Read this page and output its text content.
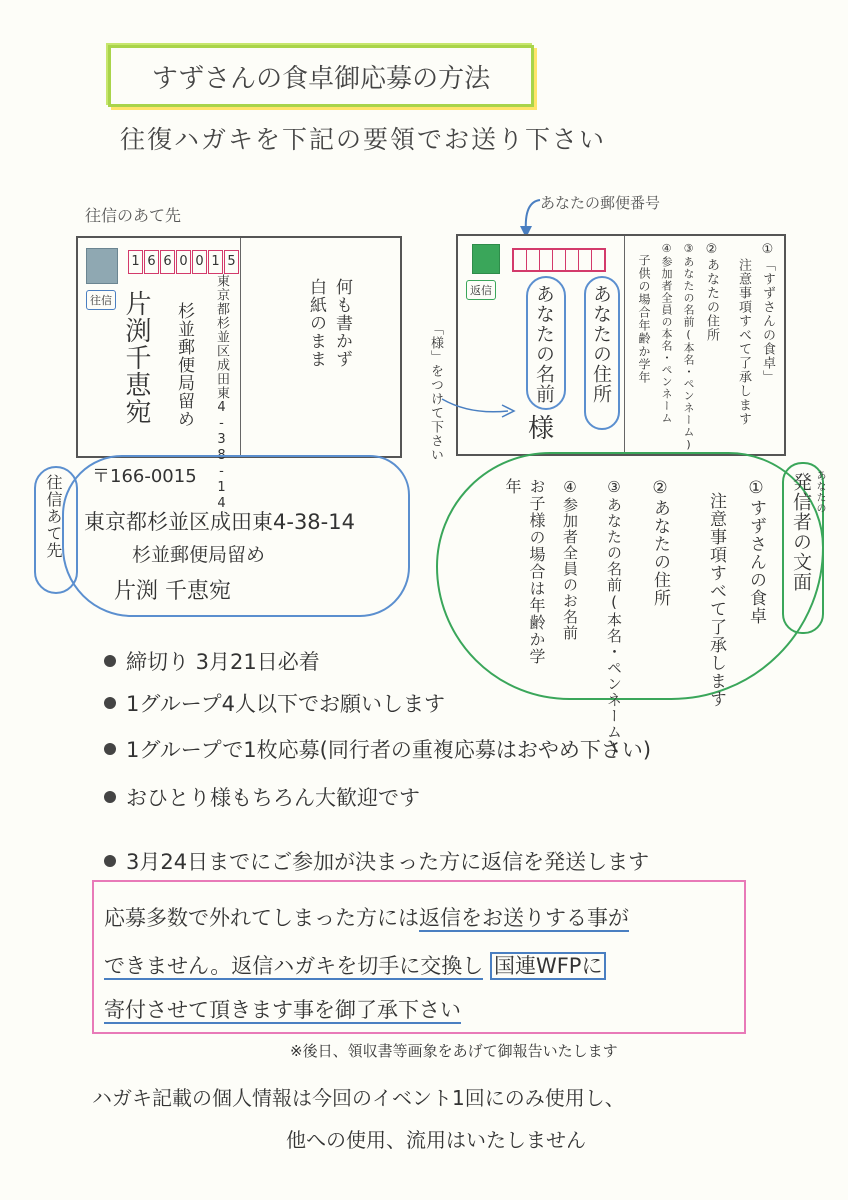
すずさんの食卓御応募の方法
往復ハガキを下記の要領でお送り下さい
往信のあて先
往信
1 6 6 0 0 1 5
東京都杉並区成田東4-38-14
杉並郵便局留め
片渕千恵宛	何も書かず
白紙のまま
あなたの郵便番号
返信	あなたの住所
あなたの名前
様
①「すずさんの食卓」
注意事項すべて了承します
②あなたの住所
③あなたの名前(本名・ペンネーム)
④参加者全員の本名・ペンネーム
子供の場合年齢か学年
「様」をつけて下さい
往信あて先 〒166-0015
東京都杉並区成田東4-38-14
杉並郵便局留め
片渕 千恵宛
あなたの
発信者の文面
①すずさんの食卓
注意事項すべて了承します
②あなたの住所
③あなたの名前(本名・ペンネーム)
④参加者全員のお名前
お子様の場合は年齢か学年
締切り 3月21日必着
1グループ4人以下でお願いします
1グループで1枚応募(同行者の重複応募はおやめ下さい)
おひとり様もちろん大歓迎です
3月24日までにご参加が決まった方に返信を発送します
応募多数で外れてしまった方には返信をお送りする事が
できません。返信ハガキを切手に交換し 国連WFPに
寄付させて頂きます事を御了承下さい
※後日、領収書等画象をあげて御報告いたします
ハガキ記載の個人情報は今回のイベント1回にのみ使用し、
他への使用、流用はいたしません
